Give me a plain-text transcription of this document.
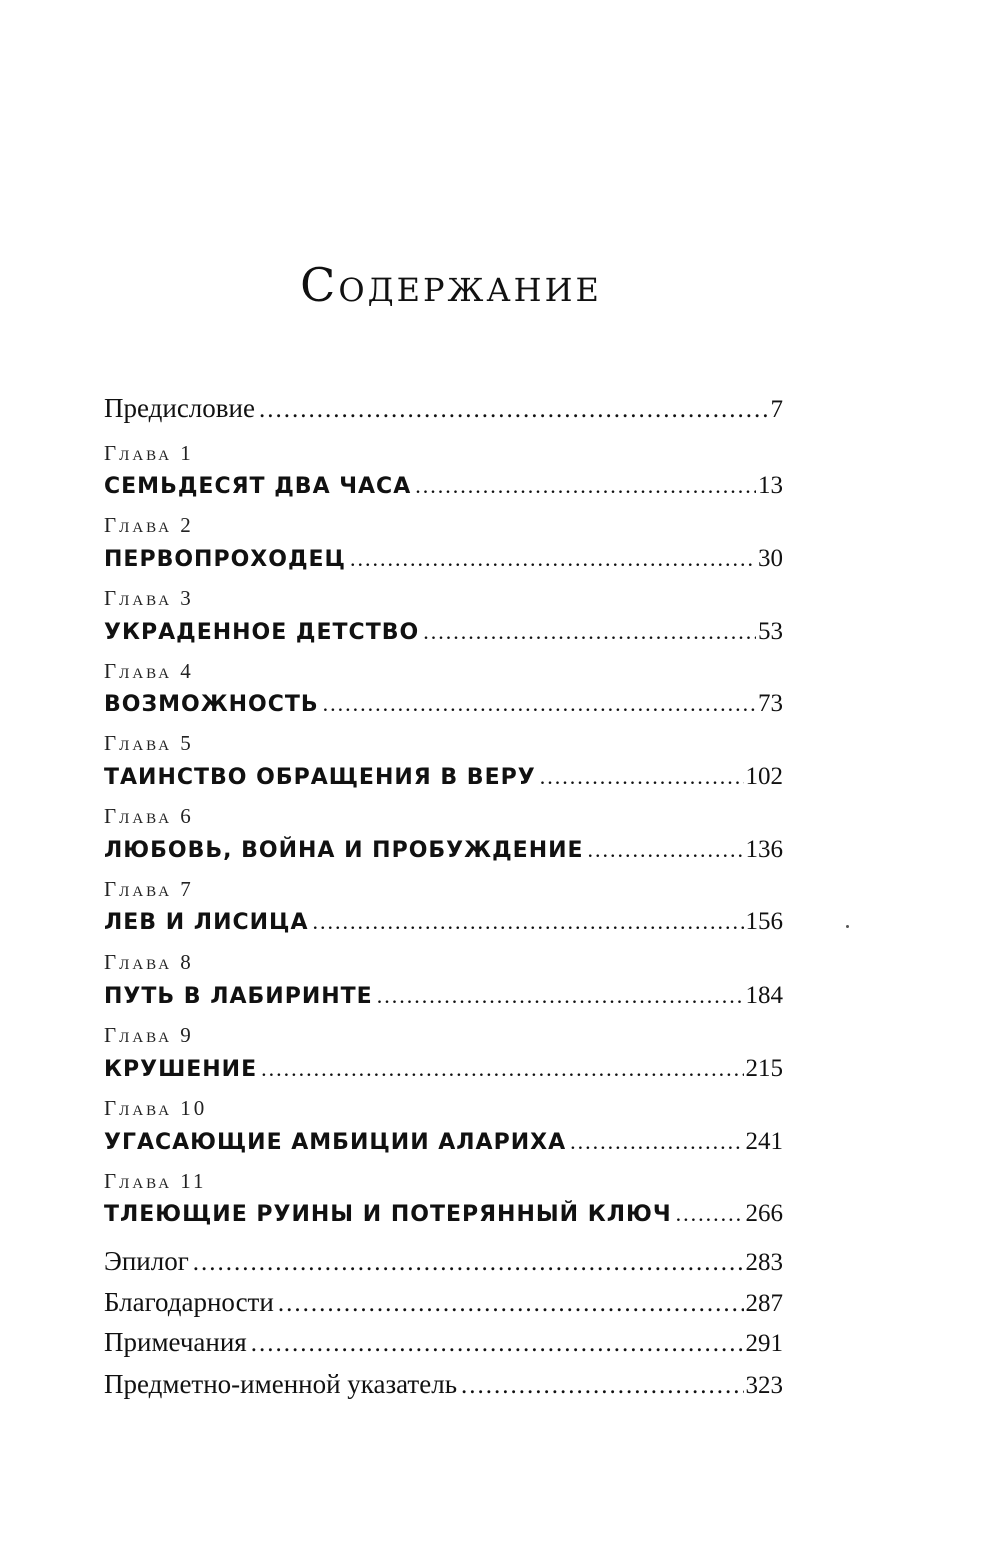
Содержание
Предисловие .....	7
Глава 1
СЕМЬДЕСЯТ ДВА ЧАСА .....	13
Глава 2
ПЕРВОПРОХОДЕЦ .....	30
Глава 3
УКРАДЕННОЕ ДЕТСТВО .....	53
Глава 4
ВОЗМОЖНОСТЬ .....	73
Глава 5
ТАИНСТВО ОБРАЩЕНИЯ В ВЕРУ .....	102
Глава 6
ЛЮБОВЬ, ВОЙНА И ПРОБУЖДЕНИЕ .....	136
Глава 7
ЛЕВ И ЛИСИЦА .....	156
Глава 8
ПУТЬ В ЛАБИРИНТЕ .....	184
Глава 9
КРУШЕНИЕ .....	215
Глава 10
УГАСАЮЩИЕ АМБИЦИИ АЛАРИХА .....	241
Глава 11
ТЛЕЮЩИЕ РУИНЫ И ПОТЕРЯННЫЙ КЛЮЧ .....	266
Эпилог .....	283
Благодарности .....	287
Примечания .....	291
Предметно-именной указатель .....	323
